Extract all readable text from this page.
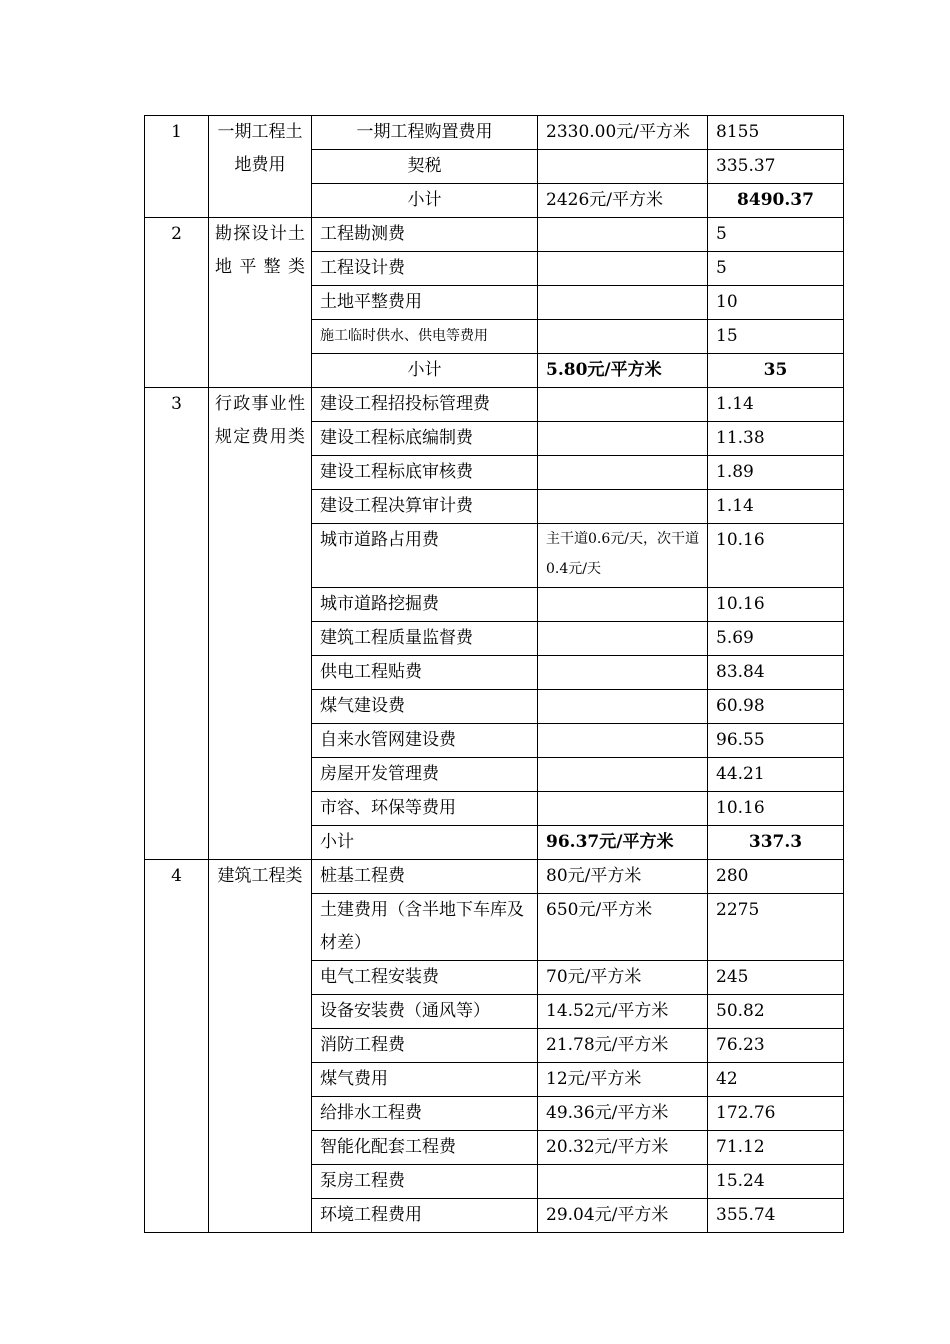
1	一期工程土地费用	一期工程购置费用	2330.00元/平方米	8155
		契税		335.37
		小计	2426元/平方米	8490.37
2	勘探设计土地平整类	工程勘测费		5
		工程设计费		5
		土地平整费用		10
		施工临时供水、供电等费用		15
		小计	5.80元/平方米	35
3	行政事业性规定费用类	建设工程招投标管理费		1.14
		建设工程标底编制费		11.38
		建设工程标底审核费		1.89
		建设工程决算审计费		1.14
		城市道路占用费	主干道0.6元/天，次干道0.4元/天	10.16
		城市道路挖掘费		10.16
		建筑工程质量监督费		5.69
		供电工程贴费		83.84
		煤气建设费		60.98
		自来水管网建设费		96.55
		房屋开发管理费		44.21
		市容、环保等费用		10.16
		小计	96.37元/平方米	337.3
4	建筑工程类	桩基工程费	80元/平方米	280
		土建费用（含半地下车库及材差）	650元/平方米	2275
		电气工程安装费	70元/平方米	245
		设备安装费（通风等）	14.52元/平方米	50.82
		消防工程费	21.78元/平方米	76.23
		煤气费用	12元/平方米	42
		给排水工程费	49.36元/平方米	172.76
		智能化配套工程费	20.32元/平方米	71.12
		泵房工程费		15.24
		环境工程费用	29.04元/平方米	355.74
